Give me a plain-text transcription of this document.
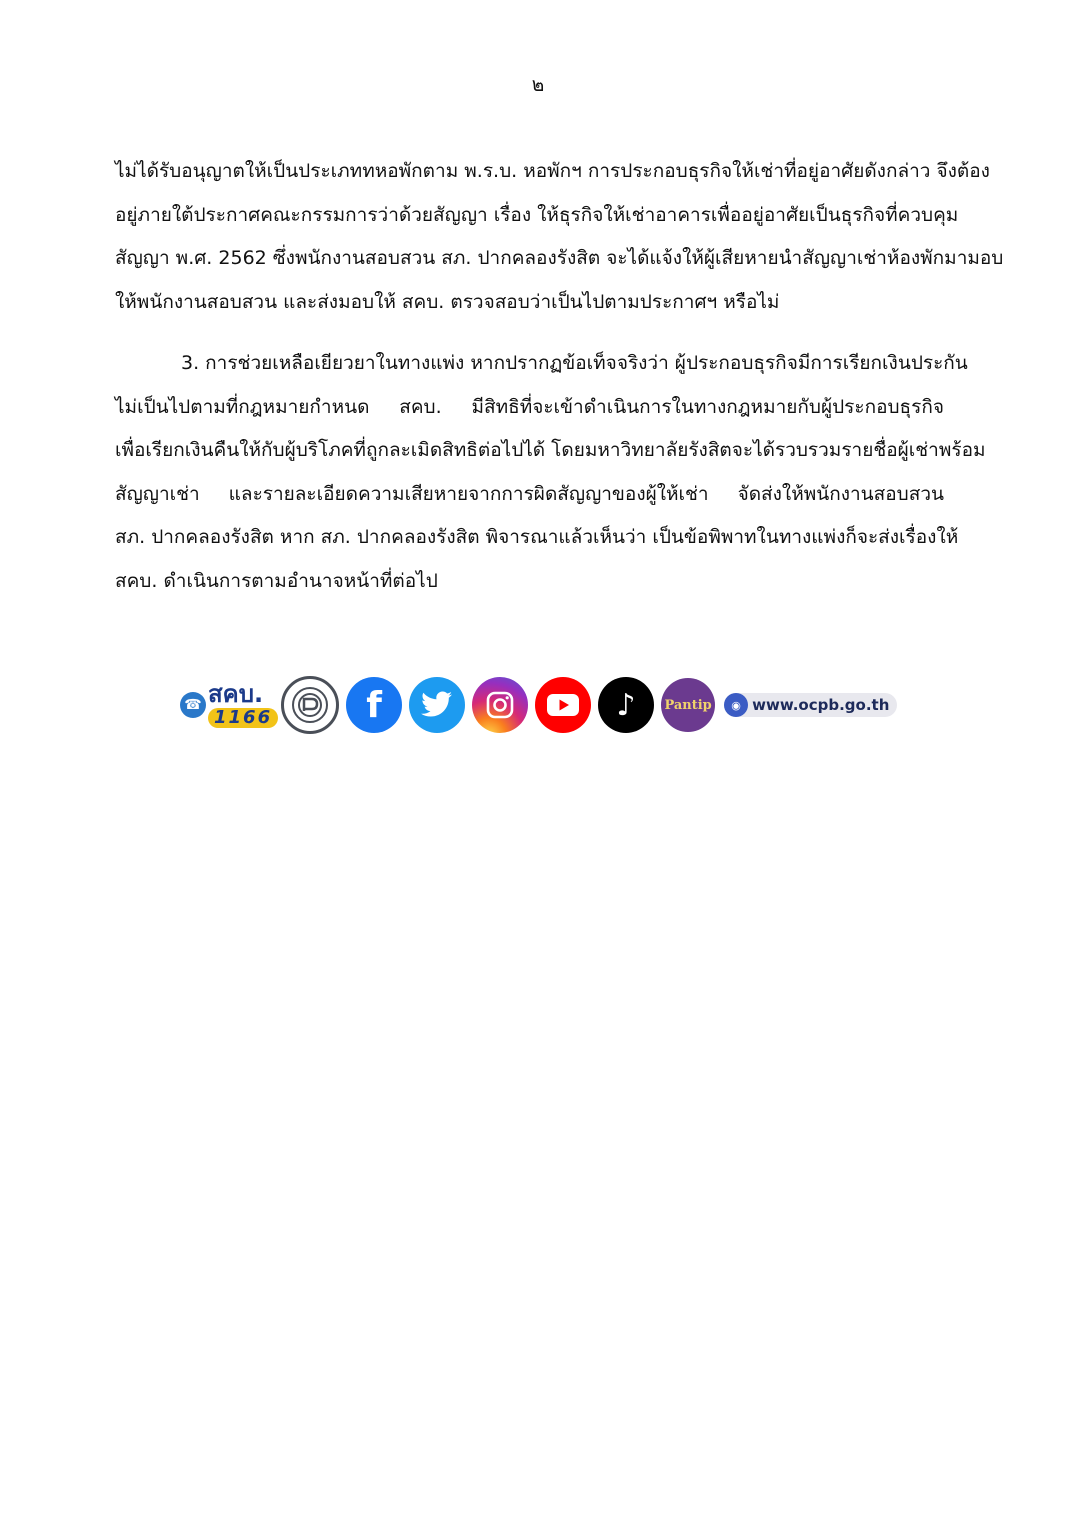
๒
ไม่ได้รับอนุญาตให้เป็นประเภททหอพักตาม พ.ร.บ. หอพักฯ การประกอบธุรกิจให้เช่าที่อยู่อาศัยดังกล่าว จึงต้อง
อยู่ภายใต้ประกาศคณะกรรมการว่าด้วยสัญญา เรื่อง ให้ธุรกิจให้เช่าอาคารเพื่ออยู่อาศัยเป็นธุรกิจที่ควบคุม
สัญญา พ.ศ. 2562 ซึ่งพนักงานสอบสวน สภ. ปากคลองรังสิต จะได้แจ้งให้ผู้เสียหายนำสัญญาเช่าห้องพักมามอบ
ให้พนักงานสอบสวน และส่งมอบให้ สคบ. ตรวจสอบว่าเป็นไปตามประกาศฯ หรือไม่
3. การช่วยเหลือเยียวยาในทางแพ่ง หากปรากฏข้อเท็จจริงว่า ผู้ประกอบธุรกิจมีการเรียกเงินประกัน
ไม่เป็นไปตามที่กฎหมายกำหนด สคบ. มีสิทธิที่จะเข้าดำเนินการในทางกฎหมายกับผู้ประกอบธุรกิจ
เพื่อเรียกเงินคืนให้กับผู้บริโภคที่ถูกละเมิดสิทธิต่อไปได้ โดยมหาวิทยาลัยรังสิตจะได้รวบรวมรายชื่อผู้เช่าพร้อม
สัญญาเช่า และรายละเอียดความเสียหายจากการผิดสัญญาของผู้ให้เช่า จัดส่งให้พนักงานสอบสวน
สภ. ปากคลองรังสิต หาก สภ. ปากคลองรังสิต พิจารณาแล้วเห็นว่า เป็นข้อพิพาทในทางแพ่งก็จะส่งเรื่องให้
สคบ. ดำเนินการตามอำนาจหน้าที่ต่อไป
☎ สคบ.
1166	f	♪ Pantip	◉ www.ocpb.go.th
